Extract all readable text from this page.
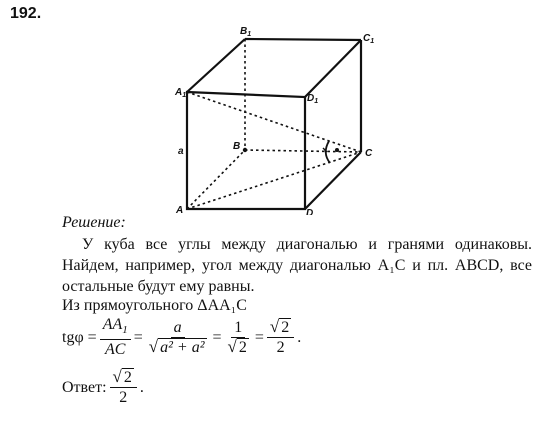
192.
$B_1$	$C_1$
$A_1$	$D_1$
B
C
A	D
a
Решение:

У куба все углы между диагональю и гранями одинаковы. Найдем, например, угол между диагональю A₁C и пл. ABCD, все остальные будут ему равны.

Из прямоугольного ΔAA₁C
$tg\varphi = \frac{AA_1}{AC} = \frac{a}{\text{√ a² + a²}} = \frac{1}{√ 2} = \frac{√ 2}{2}$ .
Ответ: $\frac{√ 2}{2}$ .
